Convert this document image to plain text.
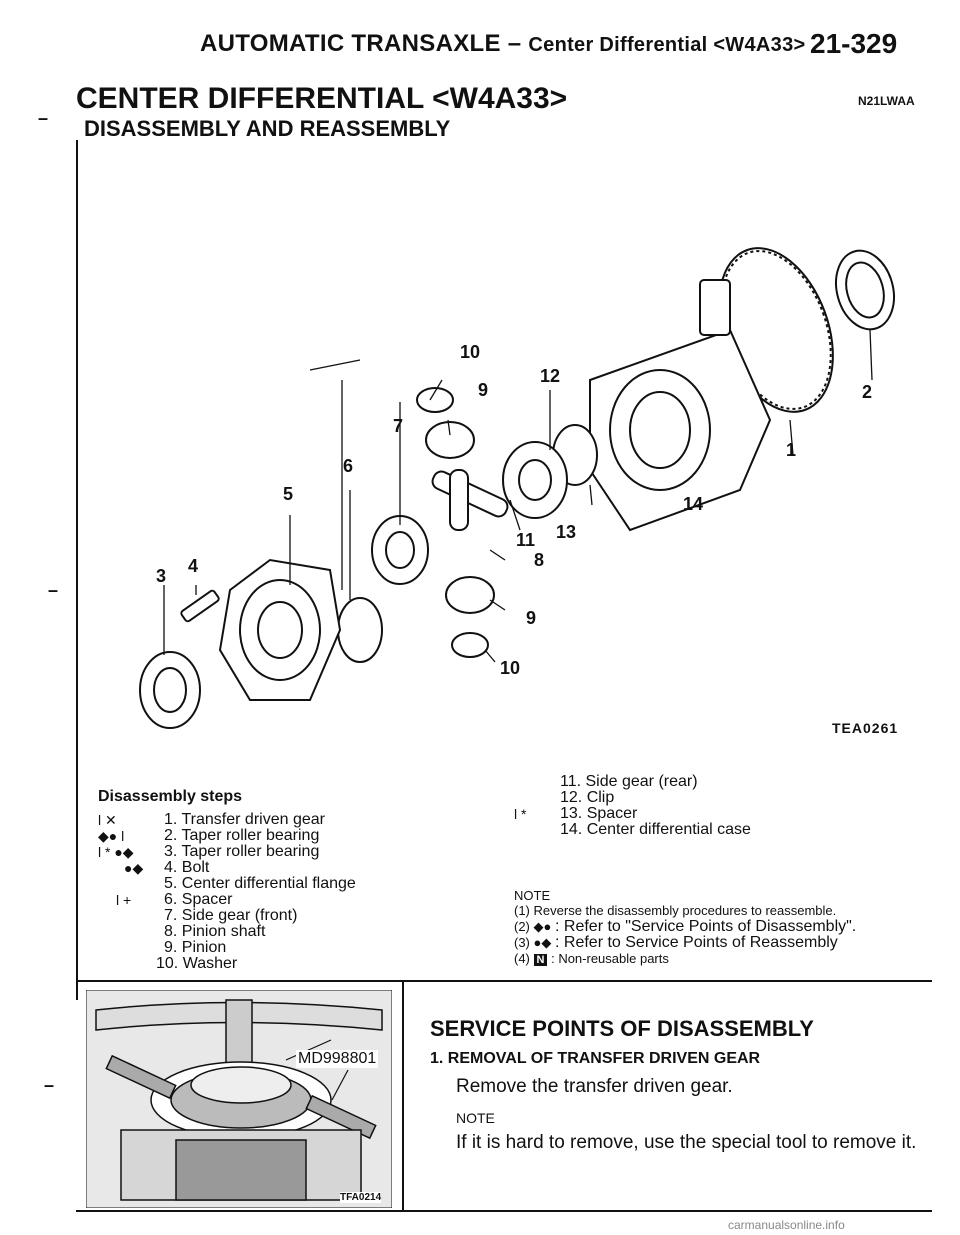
AUTOMATIC TRANSAXLE – Center Differential <W4A33> 21-329
CENTER DIFFERENTIAL <W4A33>	N21LWAA
DISASSEMBLY AND REASSEMBLY
–
–
–
10
9
12
7
6
5
2
1
14
11 13
8
3 4
9
10
TEA0261
Disassembly steps
l ✕	1. Transfer driven gear
◆● l 2. Taper roller bearing
l * ●◆ 3. Taper roller bearing
●◆ 4. Bolt
5. Center differential flange
l + 6. Spacer
7. Side gear (front)
8. Pinion shaft
9. Pinion
10. Washer
11. Side gear (rear)
12. Clip
l * 13. Spacer
14. Center differential case
NOTE
(1) Reverse the disassembly procedures to reassemble.
(2) ◆● : Refer to "Service Points of Disassembly".
(3) ●◆ : Refer to Service Points of Reassembly
(4) N : Non-reusable parts
MD998801
TFA0214
SERVICE POINTS OF DISASSEMBLY
1. REMOVAL OF TRANSFER DRIVEN GEAR
Remove the transfer driven gear.
NOTE
If it is hard to remove, use the special tool to remove it.
carmanualsonline.info
